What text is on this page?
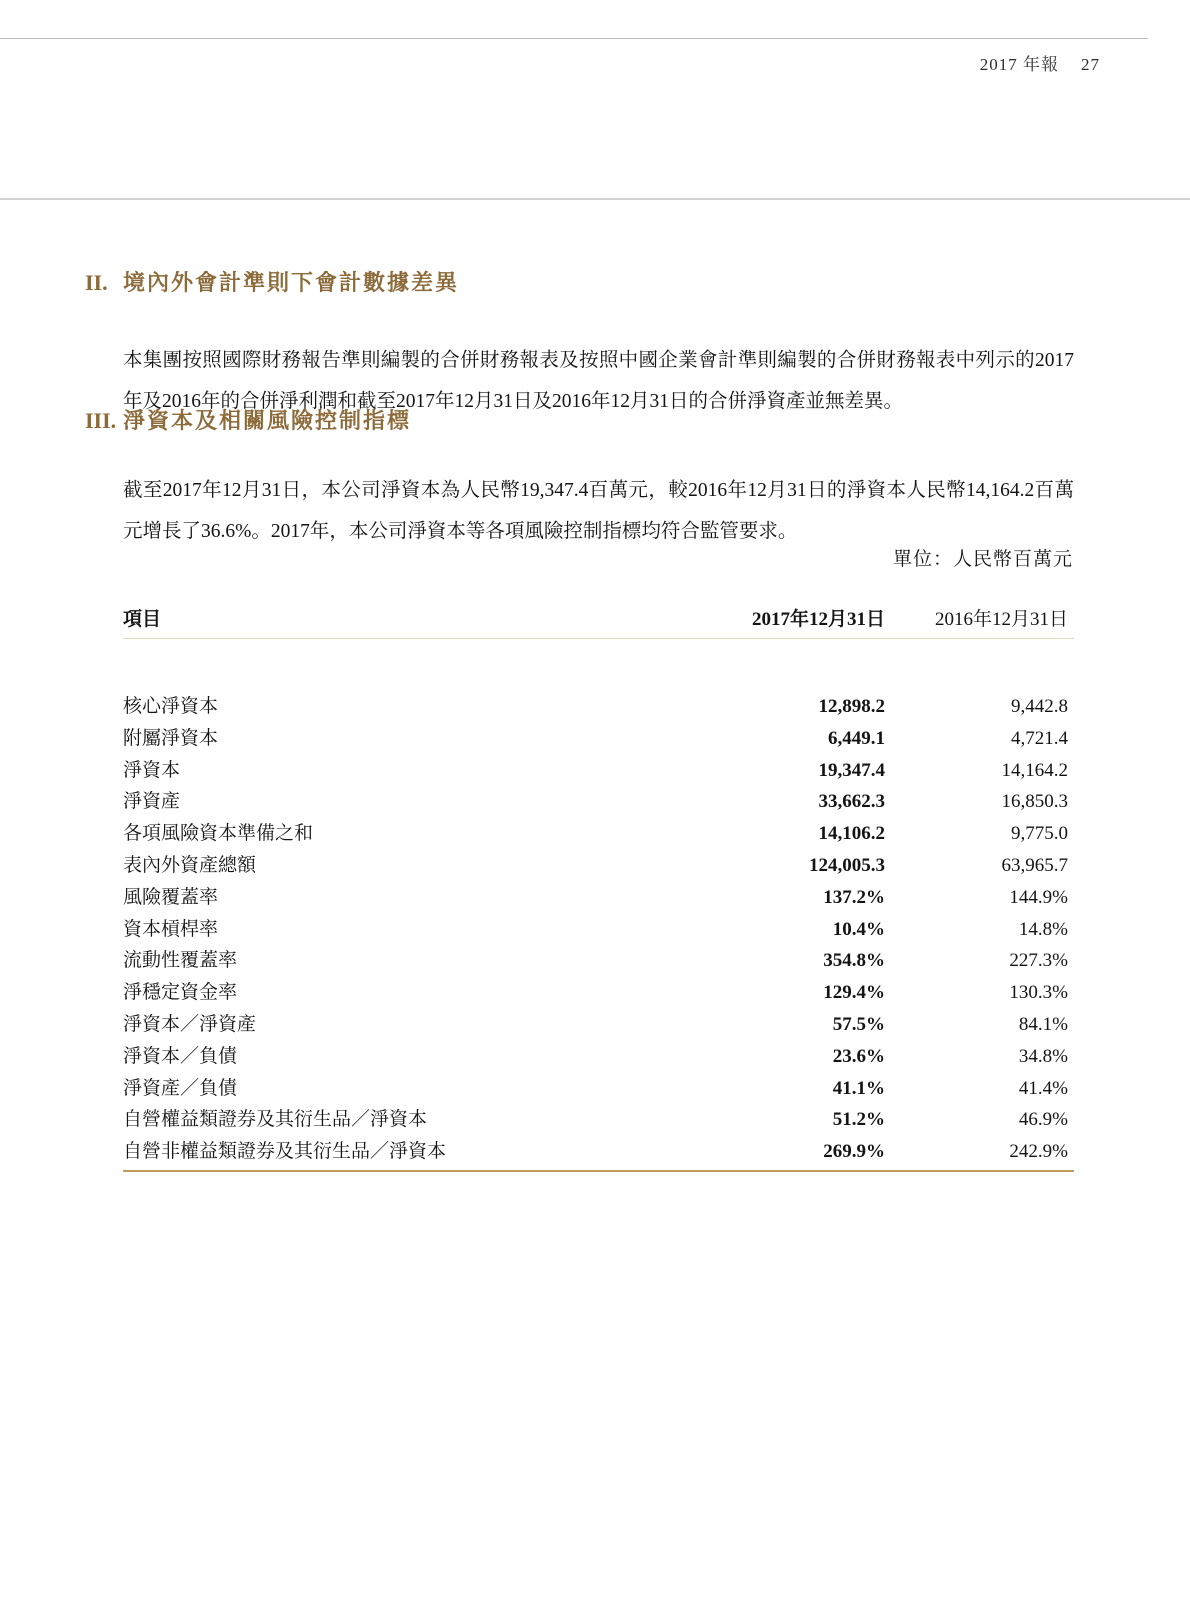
2017 年報 27
II. 境內外會計準則下會計數據差異

本集團按照國際財務報告準則編製的合併財務報表及按照中國企業會計準則編製的合併財務報表中列示的2017年及2016年的合併淨利潤和截至2017年12月31日及2016年12月31日的合併淨資產並無差異。

III. 淨資本及相關風險控制指標

截至2017年12月31日，本公司淨資本為人民幣19,347.4百萬元，較2016年12月31日的淨資本人民幣14,164.2百萬元增長了36.6%。2017年，本公司淨資本等各項風險控制指標均符合監管要求。

單位：人民幣百萬元
項目	2017年12月31日	2016年12月31日
核心淨資本	12,898.2	9,442.8
附屬淨資本	6,449.1	4,721.4
淨資本	19,347.4	14,164.2
淨資產	33,662.3	16,850.3
各項風險資本準備之和	14,106.2	9,775.0
表內外資產總額	124,005.3	63,965.7
風險覆蓋率	137.2%	144.9%
資本槓桿率	10.4%	14.8%
流動性覆蓋率	354.8%	227.3%
淨穩定資金率	129.4%	130.3%
淨資本／淨資產	57.5%	84.1%
淨資本／負債	23.6%	34.8%
淨資產／負債	41.1%	41.4%
自營權益類證券及其衍生品／淨資本	51.2%	46.9%
自營非權益類證券及其衍生品／淨資本	269.9%	242.9%
